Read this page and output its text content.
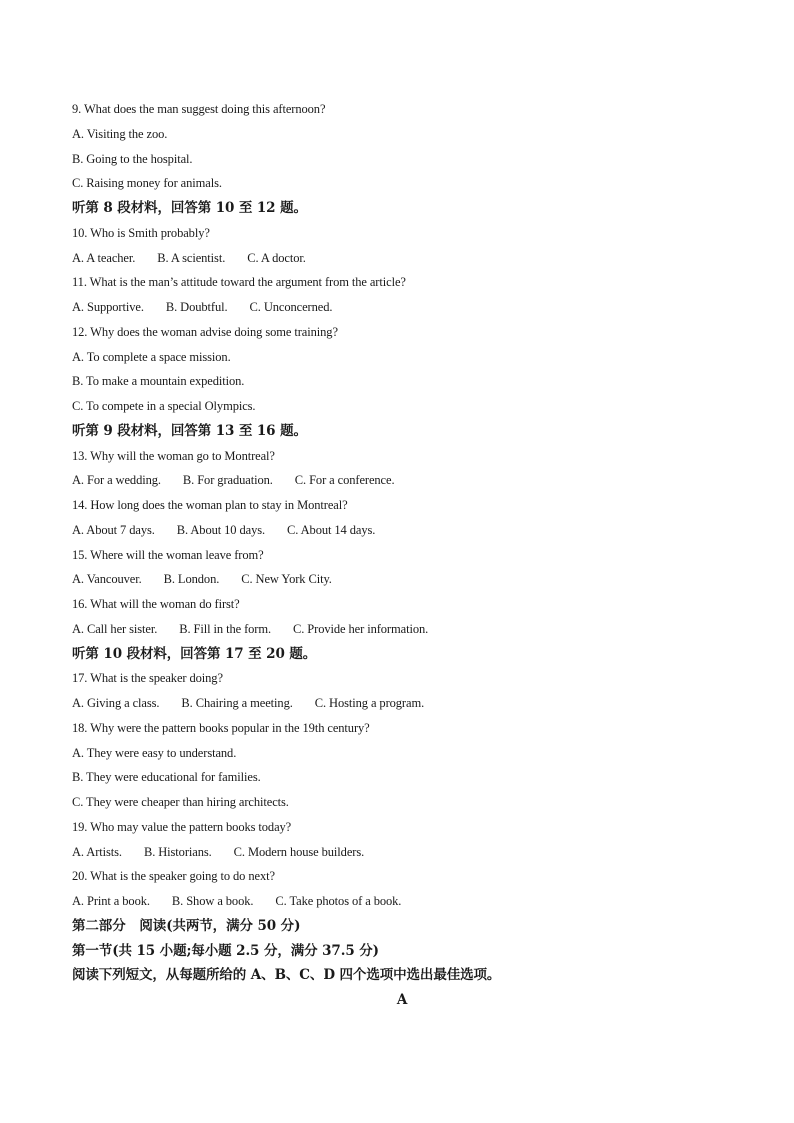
9. What does the man suggest doing this afternoon?
A. Visiting the zoo.
B. Going to the hospital.
C. Raising money for animals.
听第 8 段材料，回答第 10 至 12 题。
10. Who is Smith probably?
A. A teacher. B. A scientist. C. A doctor.
11. What is the man’s attitude toward the argument from the article?
A. Supportive. B. Doubtful. C. Unconcerned.
12. Why does the woman advise doing some training?
A. To complete a space mission.
B. To make a mountain expedition.
C. To compete in a special Olympics.
听第 9 段材料，回答第 13 至 16 题。
13. Why will the woman go to Montreal?
A. For a wedding. B. For graduation. C. For a conference.
14. How long does the woman plan to stay in Montreal?
A. About 7 days. B. About 10 days. C. About 14 days.
15. Where will the woman leave from?
A. Vancouver. B. London. C. New York City.
16. What will the woman do first?
A. Call her sister. B. Fill in the form. C. Provide her information.
听第 10 段材料，回答第 17 至 20 题。
17. What is the speaker doing?
A. Giving a class. B. Chairing a meeting. C. Hosting a program.
18. Why were the pattern books popular in the 19th century?
A. They were easy to understand.
B. They were educational for families.
C. They were cheaper than hiring architects.
19. Who may value the pattern books today?
A. Artists. B. Historians. C. Modern house builders.
20. What is the speaker going to do next?
A. Print a book. B. Show a book. C. Take photos of a book.
第二部分   阅读(共两节，满分 50 分)
第一节(共 15 小题;每小题 2.5 分，满分 37.5 分)
阅读下列短文，从每题所给的 A、B、C、D 四个选项中选出最佳选项。
A
